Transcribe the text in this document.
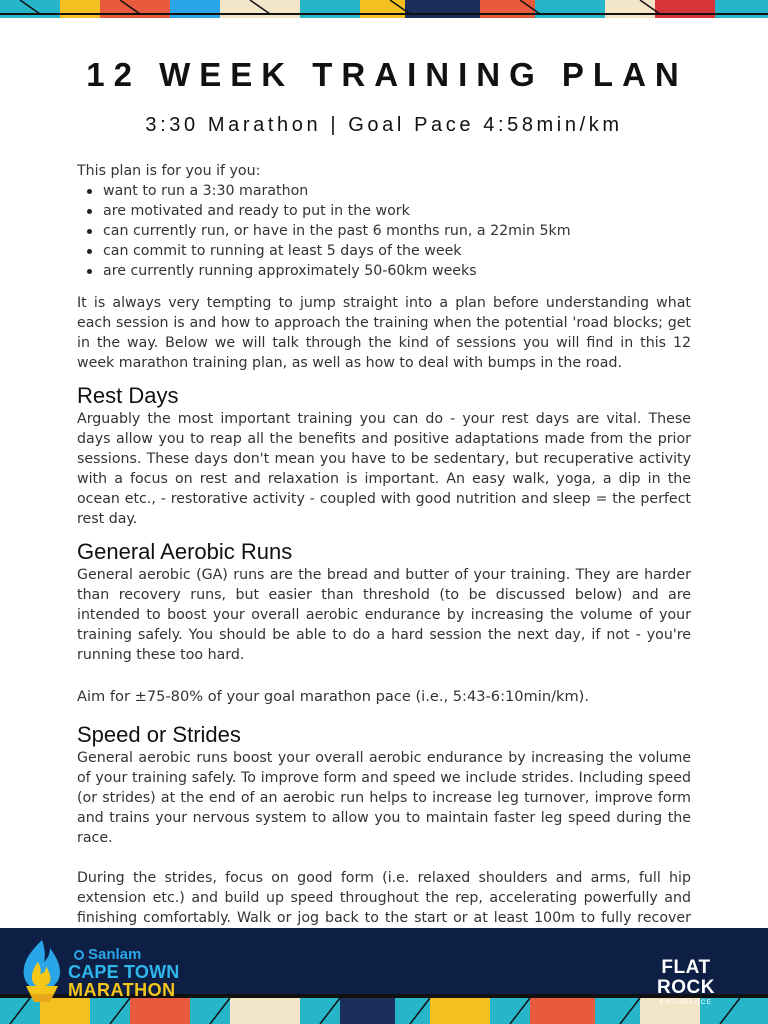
12 WEEK TRAINING PLAN
3:30 Marathon | Goal Pace 4:58min/km

This plan is for you if you:

want to run a 3:30 marathon
are motivated and ready to put in the work
can currently run, or have in the past 6 months run, a 22min 5km
can commit to running at least 5 days of the week
are currently running approximately 50-60km weeks

It is always very tempting to jump straight into a plan before understanding what each session is and how to approach the training when the potential 'road blocks; get in the way. Below we will talk through the kind of sessions you will find in this 12 week marathon training plan, as well as how to deal with bumps in the road.

Rest Days

Arguably the most important training you can do - your rest days are vital. These days allow you to reap all the benefits and positive adaptations made from the prior sessions. These days don't mean you have to be sedentary, but recuperative activity with a focus on rest and relaxation is important. An easy walk, yoga, a dip in the ocean etc., - restorative activity - coupled with good nutrition and sleep = the perfect rest day.

General Aerobic Runs

General aerobic (GA) runs are the bread and butter of your training. They are harder than recovery runs, but easier than threshold (to be discussed below) and are intended to boost your overall aerobic endurance by increasing the volume of your training safely. You should be able to do a hard session the next day, if not - you're running these too hard.

Aim for ±75-80% of your goal marathon pace (i.e., 5:43-6:10min/km).

Speed or Strides

General aerobic runs boost your overall aerobic endurance by increasing the volume of your training safely. To improve form and speed we include strides. Including speed (or strides) at the end of an aerobic run helps to increase leg turnover, improve form and trains your nervous system to allow you to maintain faster leg speed during the race.

During the strides, focus on good form (i.e. relaxed shoulders and arms, full hip extension etc.) and build up speed throughout the rep, accelerating powerfully and finishing comfortably. Walk or jog back to the start or at least 100m to fully recover

Sanlam
CAPE TOWN
MARATHON
FLAT ROCK
ENDURANCE
